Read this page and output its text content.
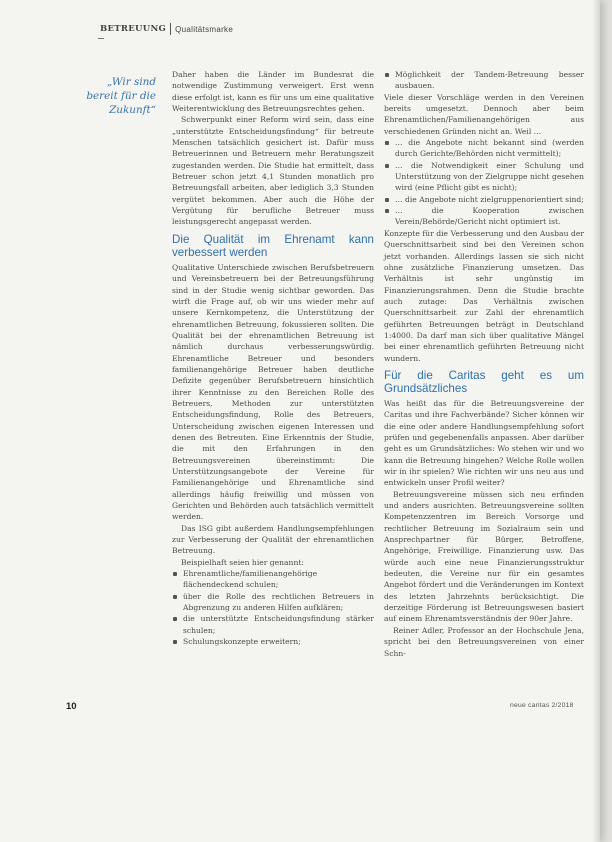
BETREUUNG Qualitätsmarke
„Wir sind bereit für die Zukunft“

Daher haben die Länder im Bundesrat die notwendige Zustimmung verweigert. Erst wenn diese erfolgt ist, kann es für uns um eine qualitative Weiterentwicklung des Betreuungsrechtes gehen.

Schwerpunkt einer Reform wird sein, dass eine „unterstützte Entscheidungsfindung“ für betreute Menschen tatsächlich gesichert ist. Dafür muss Betreuerinnen und Betreuern mehr Beratungszeit zugestanden werden. Die Studie hat ermittelt, dass Betreuer schon jetzt 4,1 Stunden monatlich pro Betreuungsfall arbeiten, aber lediglich 3,3 Stunden vergütet bekommen. Aber auch die Höhe der Vergütung für berufliche Betreuer muss leistungsgerecht angepasst werden.

Die Qualität im Ehrenamt kann verbessert werden

Qualitative Unterschiede zwischen Berufsbetreuern und Vereinsbetreuern bei der Betreuungsführung sind in der Studie wenig sichtbar geworden. Das wirft die Frage auf, ob wir uns wieder mehr auf unsere Kernkompetenz, die Unterstützung der ehrenamtlichen Betreuung, fokussieren sollten. Die Qualität bei der ehrenamtlichen Betreuung ist nämlich durchaus verbesserungswürdig. Ehrenamtliche Betreuer und besonders familienangehörige Betreuer haben deutliche Defizite gegenüber Berufsbetreuern hinsichtlich ihrer Kenntnisse zu den Bereichen Rolle des Betreuers, Methoden zur unterstützten Entscheidungsfindung, Rolle des Betreuers, Unterscheidung zwischen eigenen Interessen und denen des Betreuten. Eine Erkenntnis der Studie, die mit den Erfahrungen in den Betreuungsvereinen übereinstimmt: Die Unterstützungsangebote der Vereine für Familienangehörige und Ehrenamtliche sind allerdings häufig freiwillig und müssen von Gerichten und Behörden auch tatsächlich vermittelt werden.

Das ISG gibt außerdem Handlungsempfehlungen zur Verbesserung der Qualität der ehrenamtlichen Betreuung.

Beispielhaft seien hier genannt:

Ehrenamtliche/familienangehörige flächendeckend schulen;
über die Rolle des rechtlichen Betreuers in Abgrenzung zu anderen Hilfen aufklären;
die unterstützte Entscheidungsfindung stärker schulen;
Schulungskonzepte erweitern;
Möglichkeit der Tandem-Betreuung besser ausbauen.

Viele dieser Vorschläge werden in den Vereinen bereits umgesetzt. Dennoch aber beim Ehrenamtlichen/Familienangehörigen aus verschiedenen Gründen nicht an. Weil …

… die Angebote nicht bekannt sind (werden durch Gerichte/Behörden nicht vermittelt);
… die Notwendigkeit einer Schulung und Unterstützung von der Zielgruppe nicht gesehen wird (eine Pflicht gibt es nicht);
… die Angebote nicht zielgruppenorientiert sind;
… die Kooperation zwischen Verein/Behörde/Gericht nicht optimiert ist.

Konzepte für die Verbesserung und den Ausbau der Querschnittsarbeit sind bei den Vereinen schon jetzt vorhanden. Allerdings lassen sie sich nicht ohne zusätzliche Finanzierung umsetzen. Das Verhältnis ist sehr ungünstig im Finanzierungsrahmen. Denn die Studie brachte auch zutage: Das Verhältnis zwischen Querschnittsarbeit zur Zahl der ehrenamtlich geführten Betreuungen beträgt in Deutschland 1:4000. Da darf man sich über qualitative Mängel bei einer ehrenamtlich geführten Betreuung nicht wundern.

Für die Caritas geht es um Grundsätzliches

Was heißt das für die Betreuungsvereine der Caritas und ihre Fachverbände? Sicher können wir die eine oder andere Handlungsempfehlung sofort prüfen und gegebenenfalls anpassen. Aber darüber geht es um Grundsätzliches: Wo stehen wir und wo kann die Betreuung hingehen? Welche Rolle wollen wir in ihr spielen? Wie richten wir uns neu aus und entwickeln unser Profil weiter?

Betreuungsvereine müssen sich neu erfinden und anders ausrichten. Betreuungsvereine sollten Kompetenzzentren im Bereich Vorsorge und rechtlicher Betreuung im Sozialraum sein und Ansprechpartner für Bürger, Betroffene, Angehörige, Freiwillige. Finanzierung usw. Das würde auch eine neue Finanzierungsstruktur bedeuten, die Vereine nur für ein gesamtes Angebot fördert und die Veränderungen im Kontext des letzten Jahrzehnts berücksichtigt. Die derzeitige Förderung ist Betreuungswesen basiert auf einem Ehrenamtsverständnis der 90er Jahre.

Reiner Adler, Professor an der Hochschule Jena, spricht bei den Betreuungsvereinen von einer Schn-

10	neue caritas 2/2018
